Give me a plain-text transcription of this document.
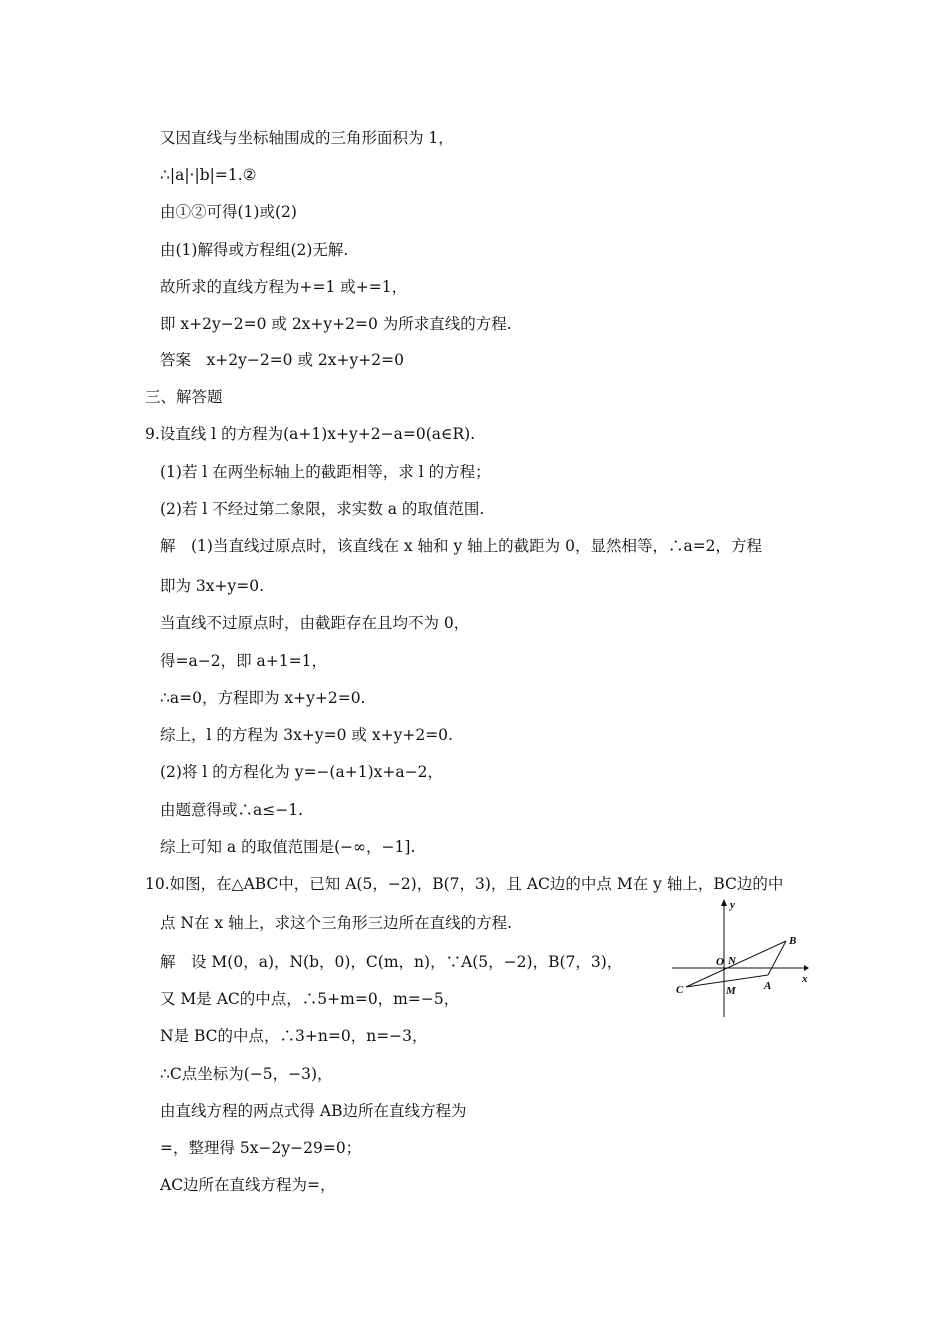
又因直线与坐标轴围成的三角形面积为 1，
∴|a|·|b|=1.②
由①②可得(1)或(2)
由(1)解得或方程组(2)无解.
故所求的直线方程为+=1 或+=1，
即 x+2y−2=0 或 2x+y+2=0 为所求直线的方程.
答案　x+2y−2=0 或 2x+y+2=0
三、解答题
9.设直线 l 的方程为(a+1)x+y+2−a=0(a∈R).
(1)若 l 在两坐标轴上的截距相等，求 l 的方程；
(2)若 l 不经过第二象限，求实数 a 的取值范围.
解　(1)当直线过原点时，该直线在 x 轴和 y 轴上的截距为 0，显然相等，∴a=2，方程
即为 3x+y=0.
当直线不过原点时，由截距存在且均不为 0，
得=a−2，即 a+1=1，
∴a=0，方程即为 x+y+2=0.
综上，l 的方程为 3x+y=0 或 x+y+2=0.
(2)将 l 的方程化为 y=−(a+1)x+a−2，
由题意得或∴a≤−1.
综上可知 a 的取值范围是(−∞，−1].
10.如图，在△ABC中，已知 A(5，−2)，B(7，3)，且 AC边的中点 M在 y 轴上，BC边的中
点 N在 x 轴上，求这个三角形三边所在直线的方程.
解　设 M(0，a)，N(b，0)，C(m，n)，∵A(5，−2)，B(7，3)，
又 M是 AC的中点，∴5+m=0，m=−5，
N是 BC的中点，∴3+n=0，n=−3，
∴C点坐标为(−5，−3)，
由直线方程的两点式得 AB边所在直线方程为
=，整理得 5x−2y−29=0；
AC边所在直线方程为=，
y
x
O N
B
C	M	A
